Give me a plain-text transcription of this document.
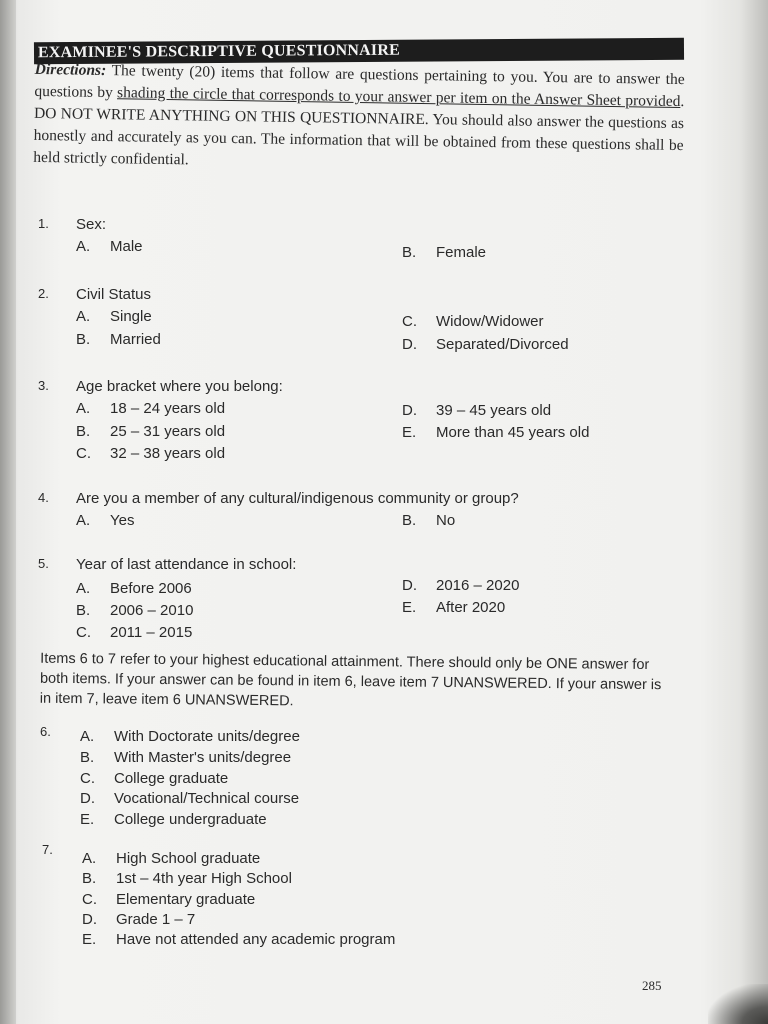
EXAMINEE'S DESCRIPTIVE QUESTIONNAIRE
Directions: The twenty (20) items that follow are questions pertaining to you. You are to answer the questions by shading the circle that corresponds to your answer per item on the Answer Sheet provided. DO NOT WRITE ANYTHING ON THIS QUESTIONNAIRE. You should also answer the questions as honestly and accurately as you can. The information that will be obtained from these questions shall be held strictly confidential.
1. Sex:
A. Male	B. Female
2. Civil Status
A. Single
B. Married
C. Widow/Widower
D. Separated/Divorced
3. Age bracket where you belong:
A. 18 – 24 years old
B. 25 – 31 years old
C. 32 – 38 years old
D. 39 – 45 years old
E. More than 45 years old
4. Are you a member of any cultural/indigenous community or group?
A. Yes	B. No
5. Year of last attendance in school:
A. Before 2006
B. 2006 – 2010
C. 2011 – 2015
D. 2016 – 2020
E. After 2020
Items 6 to 7 refer to your highest educational attainment. There should only be ONE answer for both items. If your answer can be found in item 6, leave item 7 UNANSWERED. If your answer is in item 7, leave item 6 UNANSWERED.
6. A. With Doctorate units/degree
B. With Master's units/degree
C. College graduate
D. Vocational/Technical course
E. College undergraduate
7.
A. High School graduate
B. 1st – 4th year High School
C. Elementary graduate
D. Grade 1 – 7
E. Have not attended any academic program
285
